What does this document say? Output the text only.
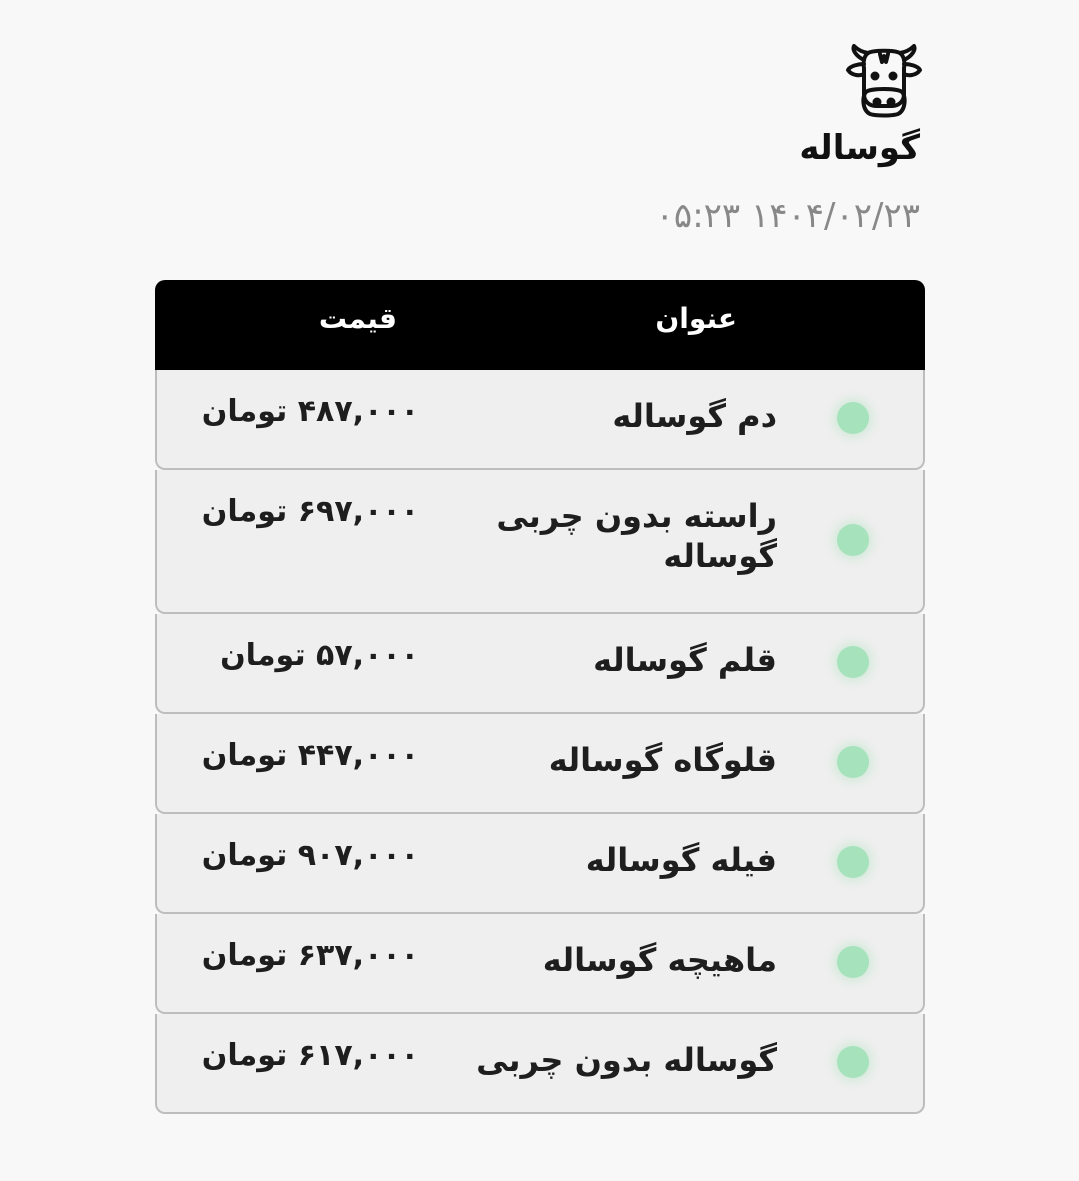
گوساله
۰۵:۲۳ ۱۴۰۴/۰۲/۲۳
عنوان
قیمت
دم گوساله
۴۸۷,۰۰۰ تومان
راسته بدون چربی گوساله
۶۹۷,۰۰۰ تومان
قلم گوساله
۵۷,۰۰۰ تومان
قلوگاه گوساله
۴۴۷,۰۰۰ تومان
فیله گوساله
۹۰۷,۰۰۰ تومان
ماهیچه گوساله
۶۳۷,۰۰۰ تومان
گوساله بدون چربی
۶۱۷,۰۰۰ تومان
